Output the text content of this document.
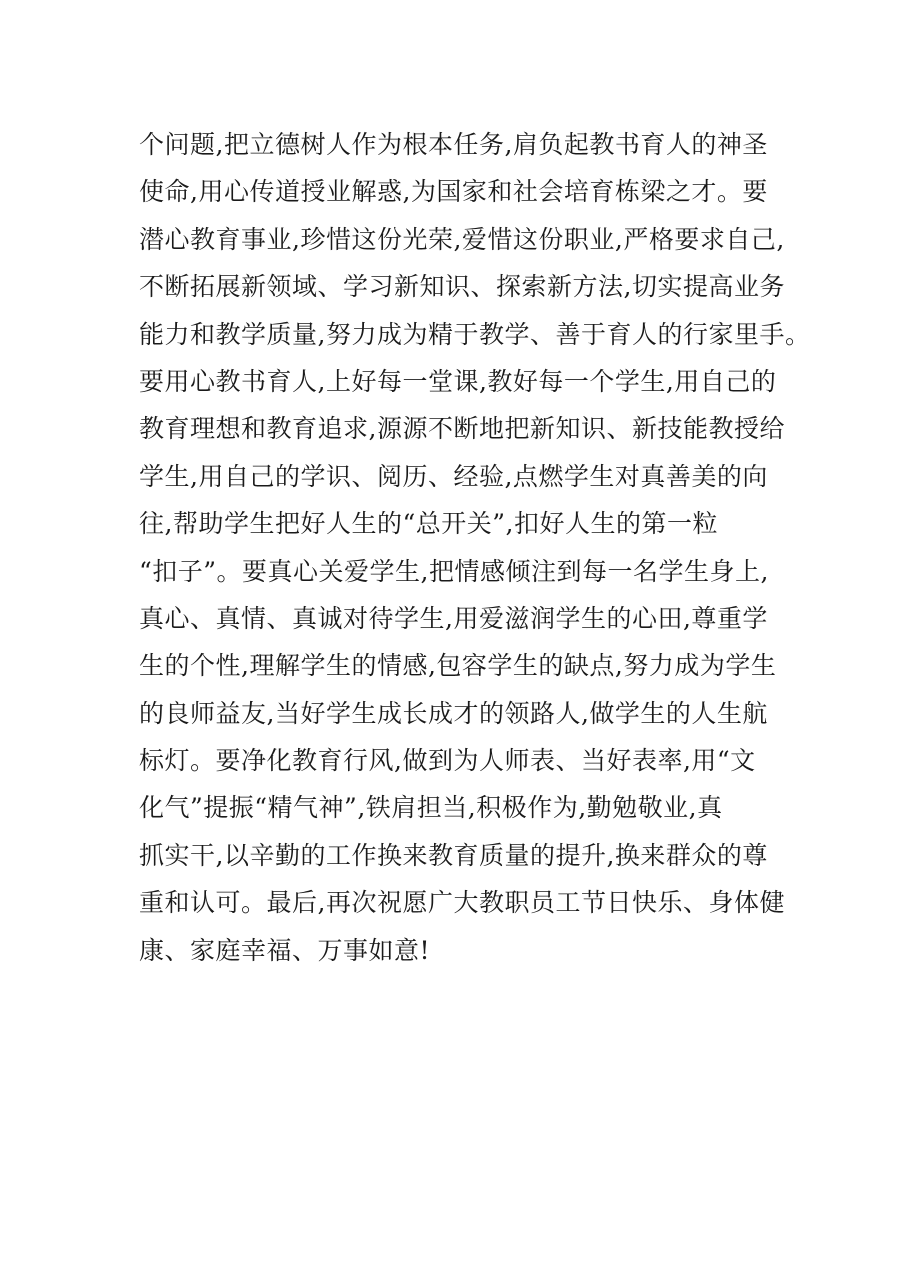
个问题,把立德树人作为根本任务,肩负起教书育人的神圣
使命,用心传道授业解惑,为国家和社会培育栋梁之才。要
潜心教育事业,珍惜这份光荣,爱惜这份职业,严格要求自己,
不断拓展新领域、学习新知识、探索新方法,切实提高业务
能力和教学质量,努力成为精于教学、善于育人的行家里手。
要用心教书育人,上好每一堂课,教好每一个学生,用自己的
教育理想和教育追求,源源不断地把新知识、新技能教授给
学生,用自己的学识、阅历、经验,点燃学生对真善美的向
往,帮助学生把好人生的“总开关”,扣好人生的第一粒
“扣子”。要真心关爱学生,把情感倾注到每一名学生身上,
真心、真情、真诚对待学生,用爱滋润学生的心田,尊重学
生的个性,理解学生的情感,包容学生的缺点,努力成为学生
的良师益友,当好学生成长成才的领路人,做学生的人生航
标灯。要净化教育行风,做到为人师表、当好表率,用“文
化气”提振“精气神”,铁肩担当,积极作为,勤勉敬业,真
抓实干,以辛勤的工作换来教育质量的提升,换来群众的尊
重和认可。最后,再次祝愿广大教职员工节日快乐、身体健
康、家庭幸福、万事如意!
